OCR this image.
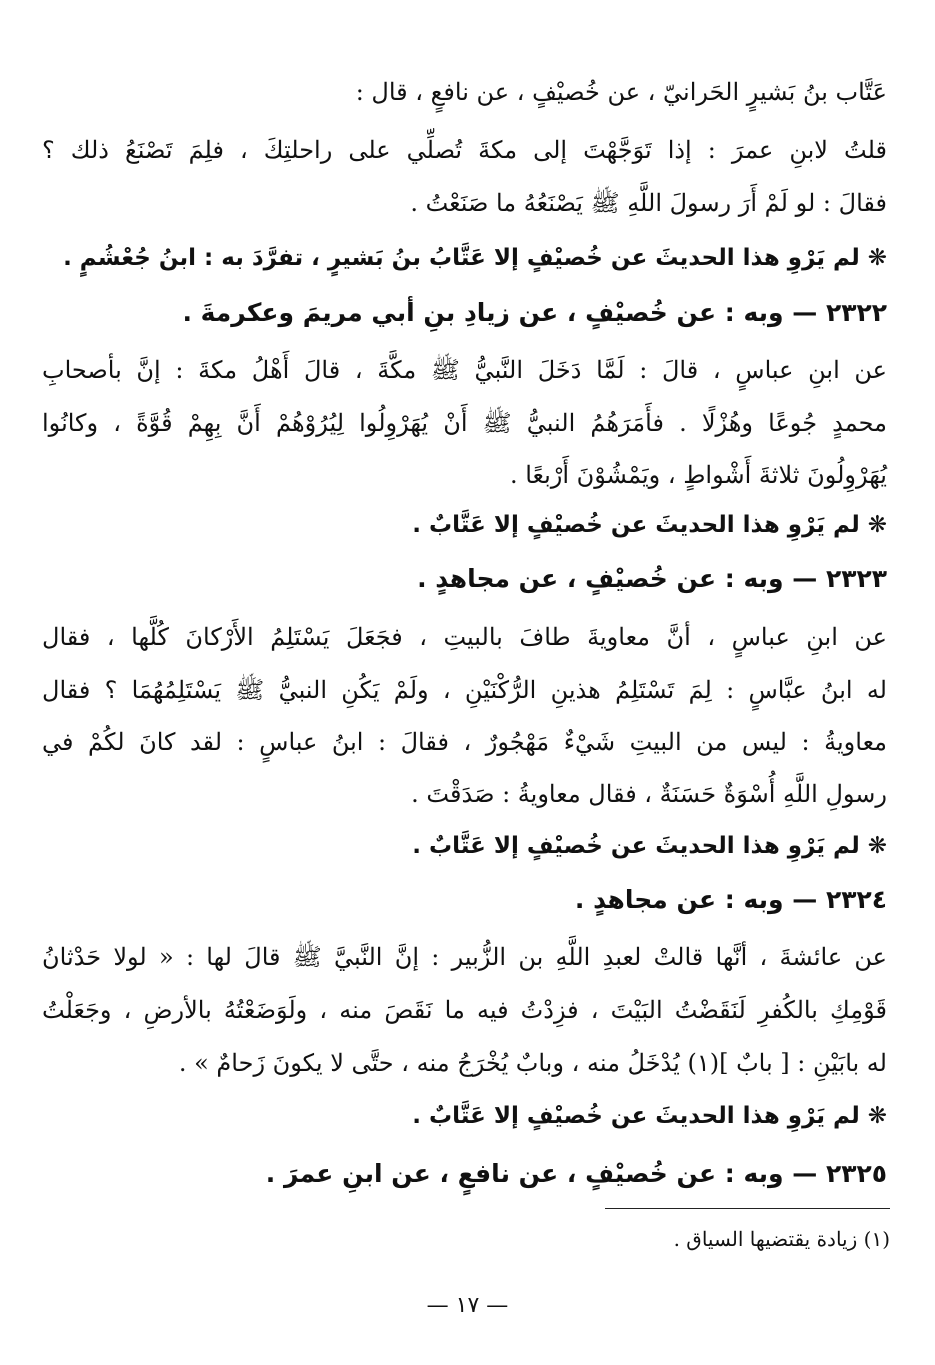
عَتَّاب بنُ بَشيرٍ الحَرانيّ ، عن خُصيْفٍ ، عن نافعٍ ، قال :
قلتُ لابنِ عمرَ : إذا تَوَجَّهْتَ إلى مكةَ تُصلِّي على راحلتِكَ ، فلِمَ تَصْنَعُ ذلك ؟
فقالَ : لو لَمْ أَرَ رسولَ اللَّهِ ﷺ يَصْنَعُهُ ما صَنَعْتُ .
❋ لم يَرْوِ هذا الحديثَ عن خُصيْفٍ إلا عَتَّابُ بنُ بَشيرٍ ، تفرَّدَ به : ابنُ جُعْشُمٍ .
٢٣٢٢ — وبه : عن خُصيْفٍ ، عن زيادِ بنِ أبي مريمَ وعكرمةَ .
عن ابنِ عباسٍ ، قالَ : لَمَّا دَخَلَ النَّبيُّ ﷺ مكَّةَ ، قالَ أَهْلُ مكةَ : إنَّ بأصحابِ
محمدٍ جُوعًا وهُزْلًا . فأَمَرَهُمُ النبيُّ ﷺ أَنْ يُهَرْوِلُوا لِيُرُوْهُمْ أَنَّ بِهِمْ قُوَّةً ، وكانُوا
يُهَرْوِلُونَ ثلاثةَ أَشْواطٍ ، ويَمْشُوْنَ أَرْبعًا .
❋ لم يَرْوِ هذا الحديثَ عن خُصيْفٍ إلا عَتَّابٌ .
٢٣٢٣ — وبه : عن خُصيْفٍ ، عن مجاهدٍ .
عن ابنِ عباسٍ ، أنَّ معاويةَ طافَ بالبيتِ ، فجَعَلَ يَسْتَلِمُ الأَرْكانَ كُلَّها ، فقال
له ابنُ عبَّاسٍ : لِمَ تَسْتَلِمُ هذينِ الرُّكْنَيْنِ ، ولَمْ يَكُنِ النبيُّ ﷺ يَسْتَلِمُهُمَا ؟ فقال
معاويةُ : ليس من البيتِ شَيْءٌ مَهْجُورٌ ، فقالَ : ابنُ عباسٍ : لقد كانَ لكُمْ في
رسولِ اللَّهِ أُسْوَةٌ حَسَنَةٌ ، فقال معاويةُ : صَدَقْتَ .
❋ لم يَرْوِ هذا الحديثَ عن خُصيْفٍ إلا عَتَّابٌ .
٢٣٢٤ — وبه : عن مجاهدٍ .
عن عائشةَ ، أنَّها قالتْ لعبدِ اللَّهِ بن الزُّبير : إنَّ النَّبيَّ ﷺ قالَ لها : « لولا حَدْثانُ
قَوْمِكِ بالكُفرِ لَنَقَضْتُ البَيْتَ ، فزِدْتُ فيه ما نَقَصَ منه ، ولَوَضَعْتُهُ بالأرضِ ، وجَعَلْتُ
له بابَيْنِ : [ بابٌ ](١) يُدْخَلُ منه ، وبابٌ يُخْرَجُ منه ، حتَّى لا يكونَ زَحامٌ » .
❋ لم يَرْوِ هذا الحديثَ عن خُصيْفٍ إلا عَتَّابٌ .
٢٣٢٥ — وبه : عن خُصيْفٍ ، عن نافعٍ ، عن ابنِ عمرَ .
(١) زيادة يقتضيها السياق .
— ١٧ —
